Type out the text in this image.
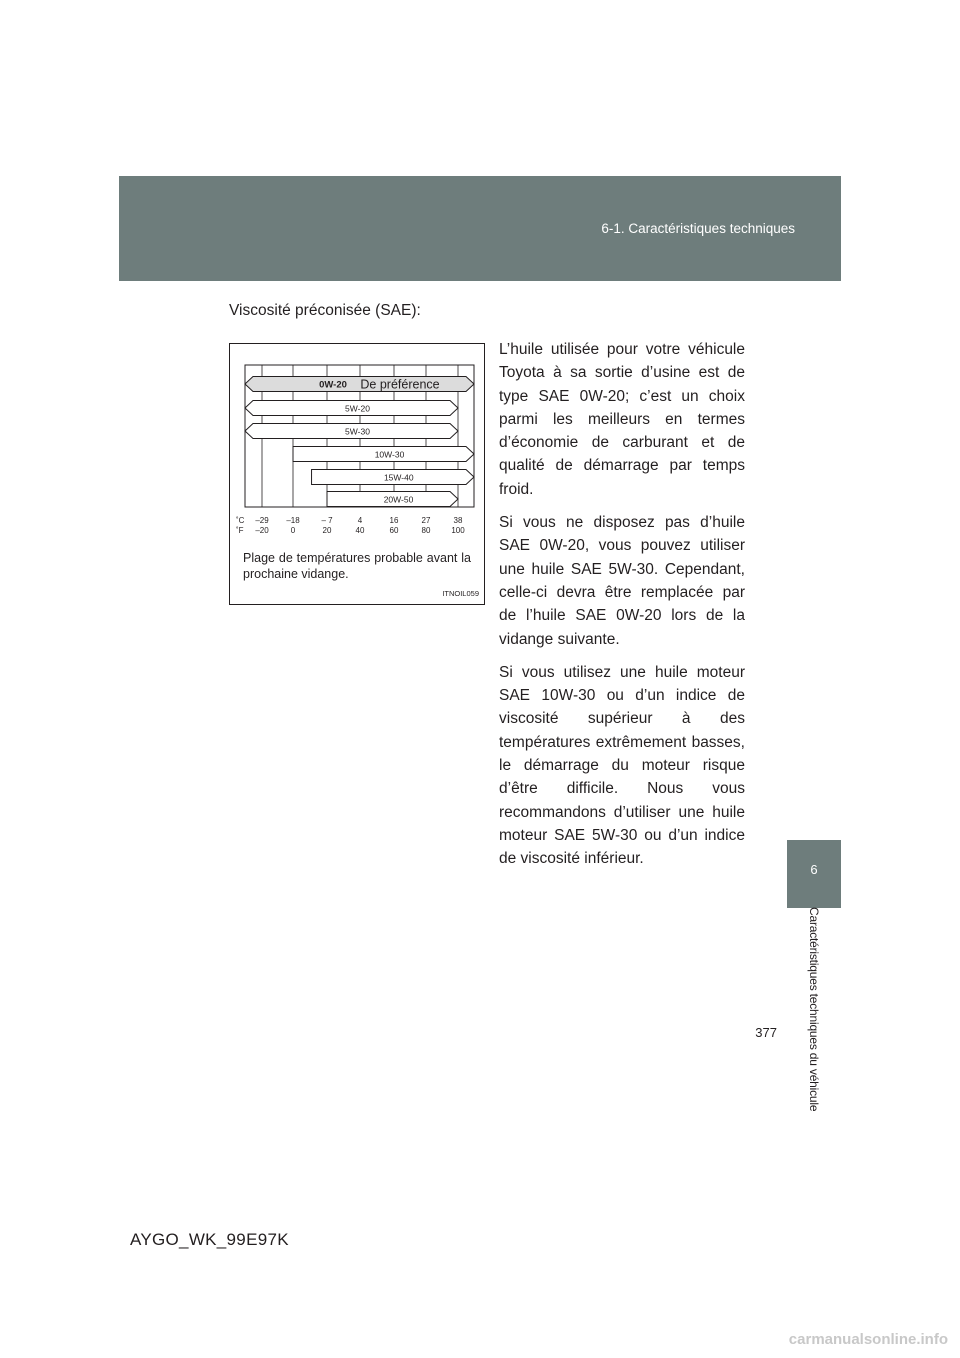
6-1. Caractéristiques techniques
6
Caractéristiques techniques du véhicule
377
Viscosité préconisée (SAE):
0W-20 De préférence
5W-20
5W-30
10W-30
15W-40
20W-50
˚C
˚F
–29 –18	– 7	4	16	27	38
–20	0	20	40	60	80	100
Plage de températures probable avant la prochaine vidange.
ITNOIL059

L’huile utilisée pour votre véhicule Toyota à sa sortie d’usine est de type SAE 0W-20; c’est un choix parmi les meilleurs en termes d’économie de carburant et de qualité de démarrage par temps froid.

Si vous ne disposez pas d’huile SAE 0W-20, vous pouvez utiliser une huile SAE 5W-30. Cependant, celle-ci devra être remplacée par de l’huile SAE 0W-20 lors de la vidange suivante.

Si vous utilisez une huile moteur SAE 10W-30 ou d’un indice de viscosité supérieur à des températures extrêmement basses, le démarrage du moteur risque d’être difficile. Nous vous recommandons d’utiliser une huile moteur SAE 5W-30 ou d’un indice de viscosité inférieur.

AYGO_WK_99E97K
carmanualsonline.info
